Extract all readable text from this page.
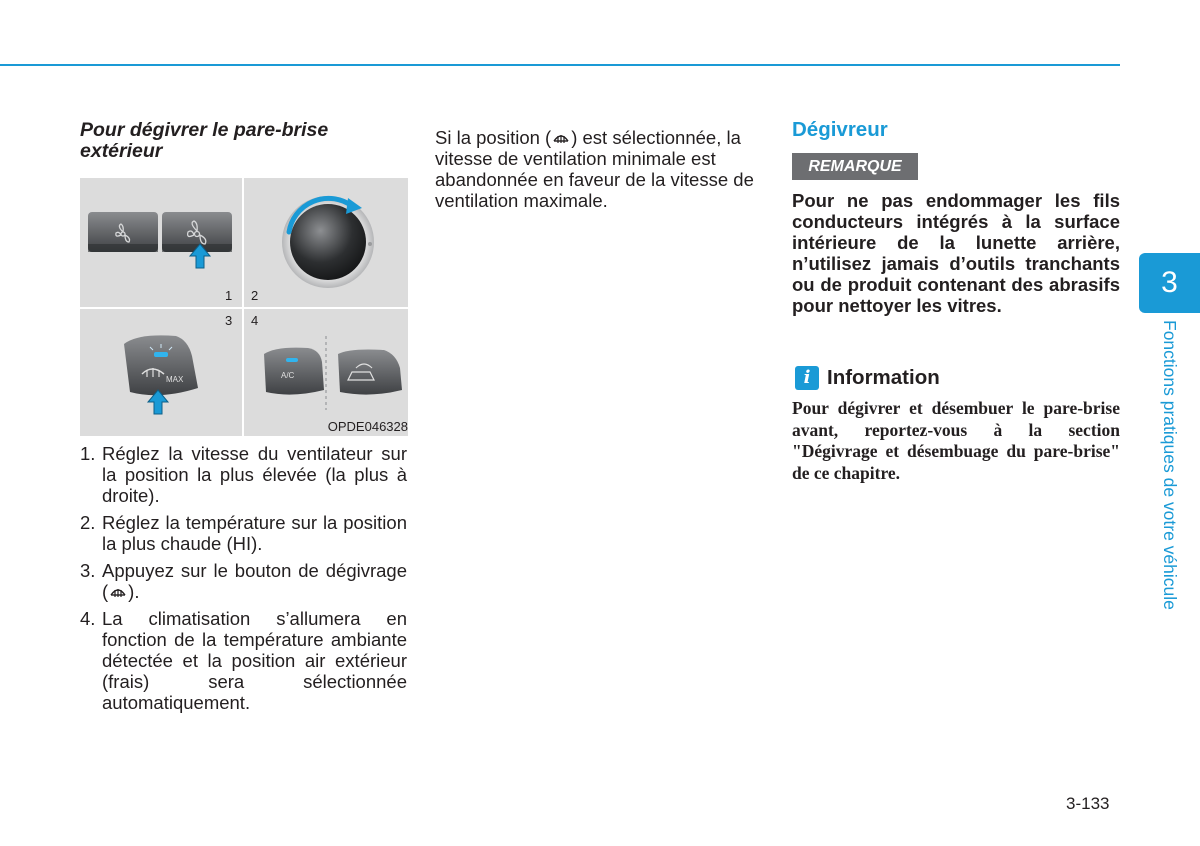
Pour dégivrer le pare-brise extérieur
1 2
3
MAX
4
A/C
OPDE046328
1. Réglez la vitesse du ventilateur sur la position la plus élevée (la plus à droite).
2. Réglez la température sur la position la plus chaude (HI).
3. Appuyez sur le bouton de dégivrage ( ).
4. La climatisation s’allumera en fonction de la température ambiante détectée et la position air extérieur (frais) sera sélectionnée automatiquement.
Si la position ( ) est sélectionnée, la vitesse de ventilation minimale est abandonnée en faveur de la vitesse de ventilation maximale.
Dégivreur
REMARQUE
Pour ne pas endommager les fils conducteurs intégrés à la surface intérieure de la lunette arrière, n’utilisez jamais d’outils tranchants ou de produit contenant des abrasifs pour nettoyer les vitres.
i Information
Pour dégivrer et désembuer le pare-brise avant, reportez-vous à la section "Dégivrage et désembuage du pare-brise" de ce chapitre.
3
Fonctions pratiques de votre véhicule
3-133
